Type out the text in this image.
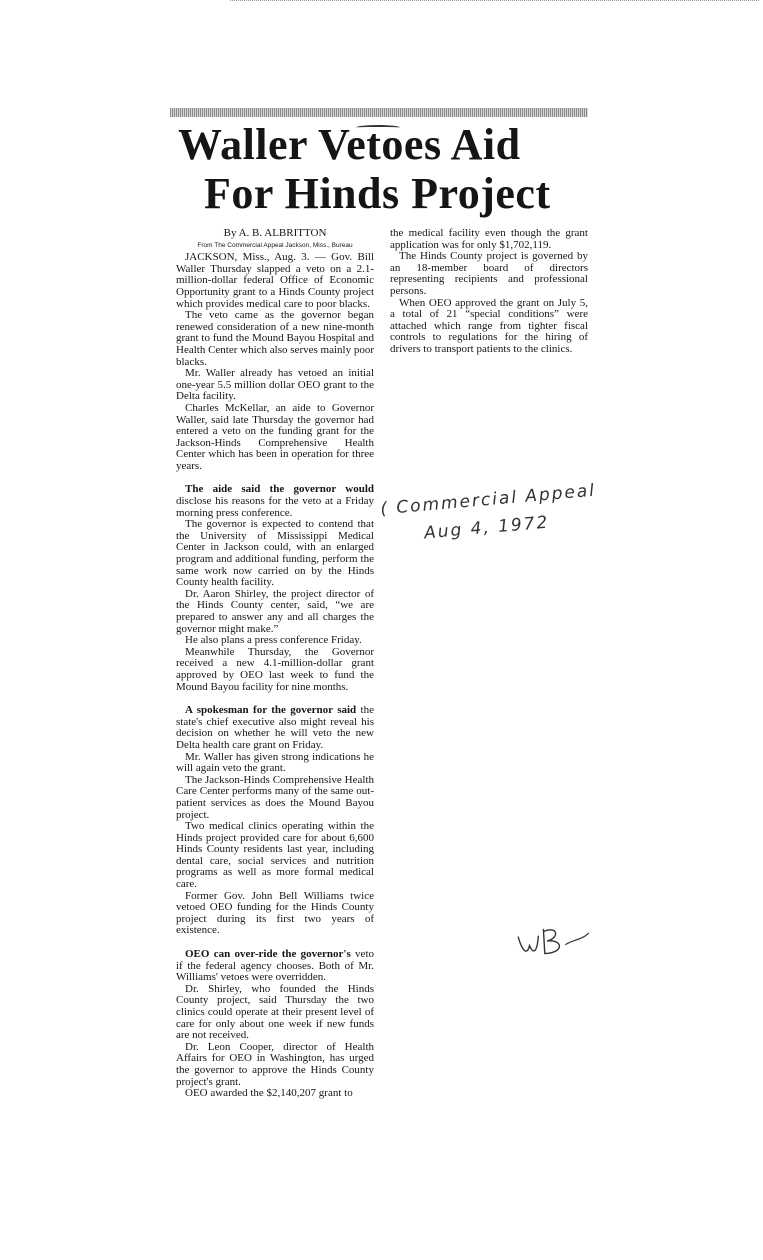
Waller Vetoes Aid
For Hinds Project
By A. B. ALBRITTON
From The Commercial Appeal Jackson, Miss., Bureau

JACKSON, Miss., Aug. 3. — Gov. Bill Waller Thursday slapped a veto on a 2.1-million-dollar federal Office of Economic Opportunity grant to a Hinds County project which provides medical care to poor blacks.

The veto came as the governor began renewed consideration of a new nine-month grant to fund the Mound Bayou Hospital and Health Center which also serves mainly poor blacks.

Mr. Waller already has vetoed an initial one-year 5.5 million dollar OEO grant to the Delta facility.

Charles McKellar, an aide to Governor Waller, said late Thursday the governor had entered a veto on the funding grant for the Jackson-Hinds Comprehensive Health Center which has been in operation for three years.

The aide said the governor would disclose his reasons for the veto at a Friday morning press conference.

The governor is expected to contend that the University of Mississippi Medical Center in Jackson could, with an enlarged program and additional funding, perform the same work now carried on by the Hinds County health facility.

Dr. Aaron Shirley, the project director of the Hinds County center, said, “we are prepared to answer any and all charges the governor might make.”

He also plans a press conference Friday.

Meanwhile Thursday, the Governor received a new 4.1-million-dollar grant approved by OEO last week to fund the Mound Bayou facility for nine months.

A spokesman for the governor said the state's chief executive also might reveal his decision on whether he will veto the new Delta health care grant on Friday.

Mr. Waller has given strong indications he will again veto the grant.

The Jackson-Hinds Comprehensive Health Care Center performs many of the same out-patient services as does the Mound Bayou project.

Two medical clinics operating within the Hinds project provided care for about 6,600 Hinds County residents last year, including dental care, social services and nutrition programs as well as more formal medical care.

Former Gov. John Bell Williams twice vetoed OEO funding for the Hinds County project during its first two years of existence.

OEO can over-ride the governor's veto if the federal agency chooses. Both of Mr. Williams' vetoes were overridden.

Dr. Shirley, who founded the Hinds County project, said Thursday the two clinics could operate at their present level of care for only about one week if new funds are not received.

Dr. Leon Cooper, director of Health Affairs for OEO in Washington, has urged the governor to approve the Hinds County project's grant.

OEO awarded the $2,140,207 grant to

the medical facility even though the grant application was for only $1,702,119.

The Hinds County project is governed by an 18-member board of directors representing recipients and professional persons.

When OEO approved the grant on July 5, a total of 21 “special conditions” were attached which range from tighter fiscal controls to regulations for the hiring of drivers to transport patients to the clinics.

( Commercial Appeal
Aug 4, 1972
